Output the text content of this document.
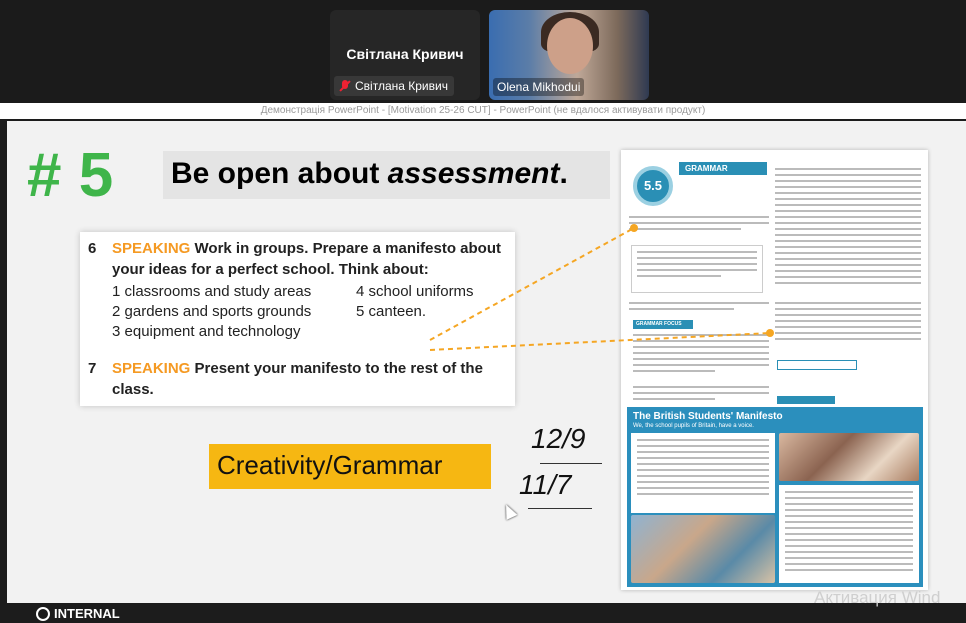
Світлана Кривич
Світлана Кривич	Olena Mikhodui
Демонстрація PowerPoint - [Motivation 25-26 CUT] - PowerPoint (не вдалося активувати продукт)
# 5 Be open about assessment.
6	SPEAKING Work in groups. Prepare a manifesto about your ideas for a perfect school. Think about:
1 classrooms and study areas
2 gardens and sports grounds
3 equipment and technology
4 school uniforms
5 canteen.
7	SPEAKING Present your manifesto to the rest of the class.
Creativity/Grammar
12/9
11/7
5.5
GRAMMAR
GRAMMAR FOCUS
The British Students' Manifesto
We, the school pupils of Britain, have a voice.
INTERNAL
Активация Wind
